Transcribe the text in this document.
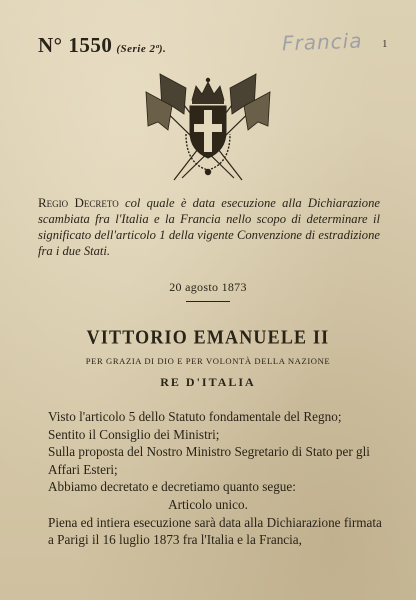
N° 1550 (Serie 2ª).	Francia 1
Regio Decreto col quale è data esecuzione alla Dichiarazione scambiata fra l'Italia e la Francia nello scopo di determinare il significato dell'articolo 1 della vigente Convenzione di estradizione fra i due Stati.
20 agosto 1873
VITTORIO EMANUELE II
PER GRAZIA DI DIO E PER VOLONTÀ DELLA NAZIONE
RE D'ITALIA

Visto l'articolo 5 dello Statuto fondamentale del Regno;

Sentito il Consiglio dei Ministri;

Sulla proposta del Nostro Ministro Segretario di Stato per gli Affari Esteri;

Abbiamo decretato e decretiamo quanto segue:

Articolo unico.

Piena ed intiera esecuzione sarà data alla Dichiarazione firmata a Parigi il 16 luglio 1873 fra l'Italia e la Francia,
